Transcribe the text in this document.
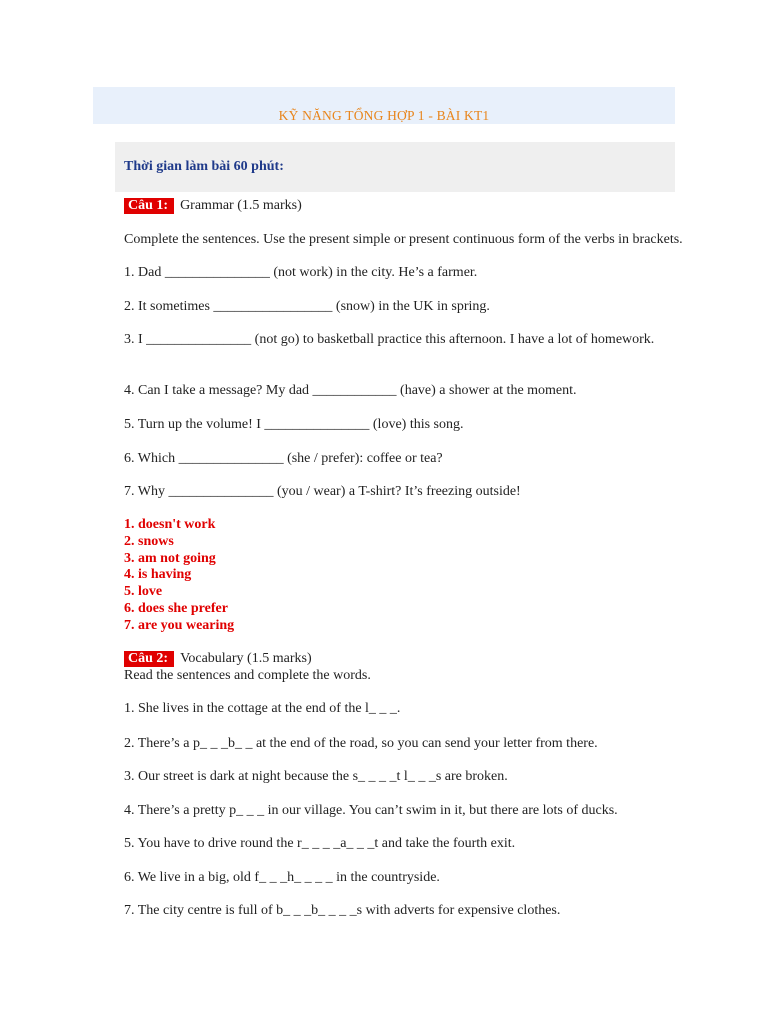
KỸ NĂNG TỔNG HỢP 1 - BÀI KT1
Thời gian làm bài 60 phút:
Câu 1: Grammar (1.5 marks)
Complete the sentences. Use the present simple or present continuous form of the verbs in brackets.
1. Dad _______________ (not work) in the city. He’s a farmer.
2. It sometimes _________________ (snow) in the UK in spring.
3. I _______________ (not go) to basketball practice this afternoon. I have a lot of homework.
4. Can I take a message? My dad ____________ (have) a shower at the moment.
5. Turn up the volume! I _______________ (love) this song.
6. Which _______________ (she / prefer): coffee or tea?
7. Why _______________ (you / wear) a T-shirt? It’s freezing outside!
1. doesn't work
2. snows
3. am not going
4. is having
5. love
6. does she prefer
7. are you wearing
Câu 2: Vocabulary (1.5 marks)
Read the sentences and complete the words.
1. She lives in the cottage at the end of the l_ _ _.
2. There’s a p_ _ _b_ _ at the end of the road, so you can send your letter from there.
3. Our street is dark at night because the s_ _ _ _t l_ _ _s are broken.
4. There’s a pretty p_ _ _ in our village. You can’t swim in it, but there are lots of ducks.
5. You have to drive round the r_ _ _ _a_ _ _t and take the fourth exit.
6. We live in a big, old f_ _ _h_ _ _ _ in the countryside.
7. The city centre is full of b_ _ _b_ _ _ _s with adverts for expensive clothes.
